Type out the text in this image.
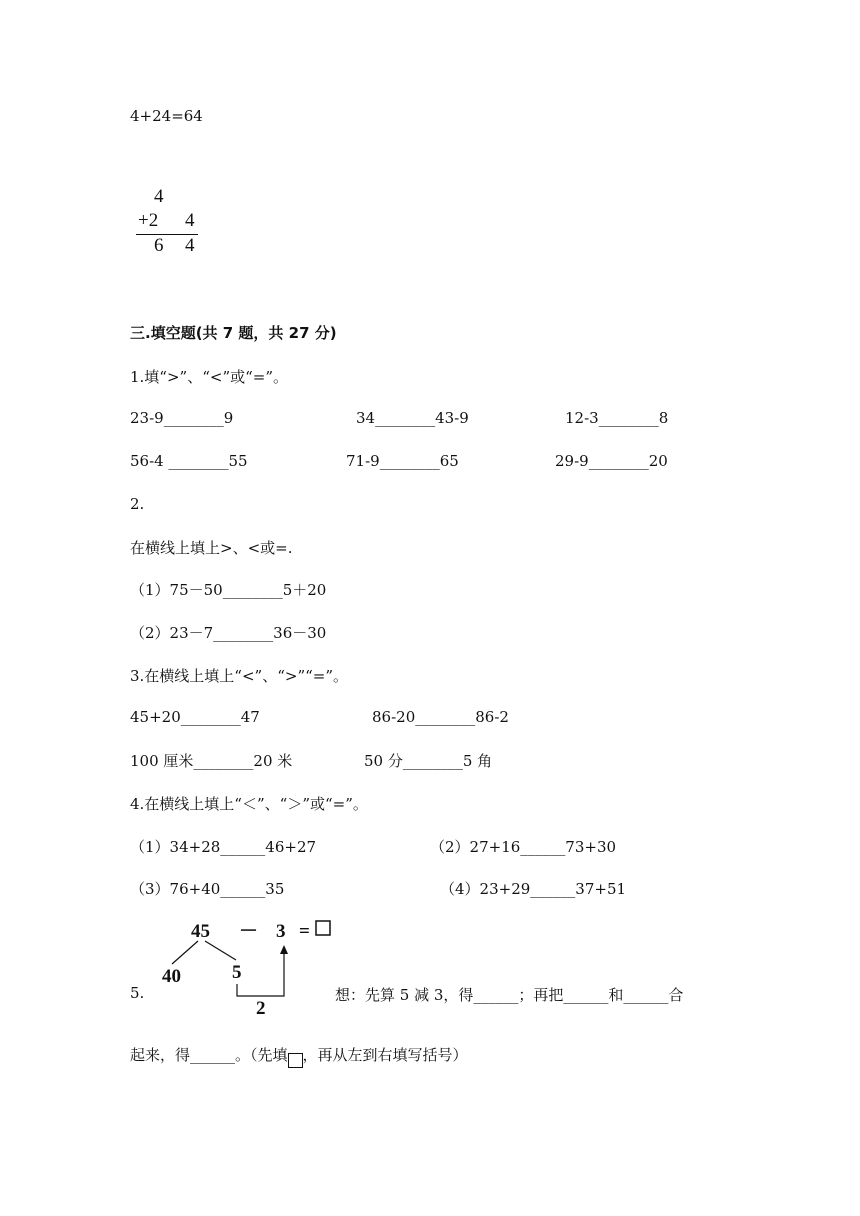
4+24=64
4
+2 4
6 4
三.填空题(共 7 题，共 27 分)
1.填“>”、“<”或“=”。
23-9________9	34________43-9	12-3________8
56-4 ________55	71-9________65	29-9________20
2.
在横线上填上>、<或=.
（1）75－50________5＋20
（2）23－7________36－30
3.在横线上填上“<”、“>”“=”。
45+20________47	86-20________86-2
100 厘米________20 米	50 分________5 角
4.在横线上填上“＜”、“＞”或“=”。
（1）34+28______46+27	（2）27+16______73+30
（3）76+40______35	（4）23+29______37+51
5.
45 － 3 =
40	5
2
想：先算 5 减 3，得______；再把______和______合
起来，得______。（先填 ，再从左到右填写括号）
